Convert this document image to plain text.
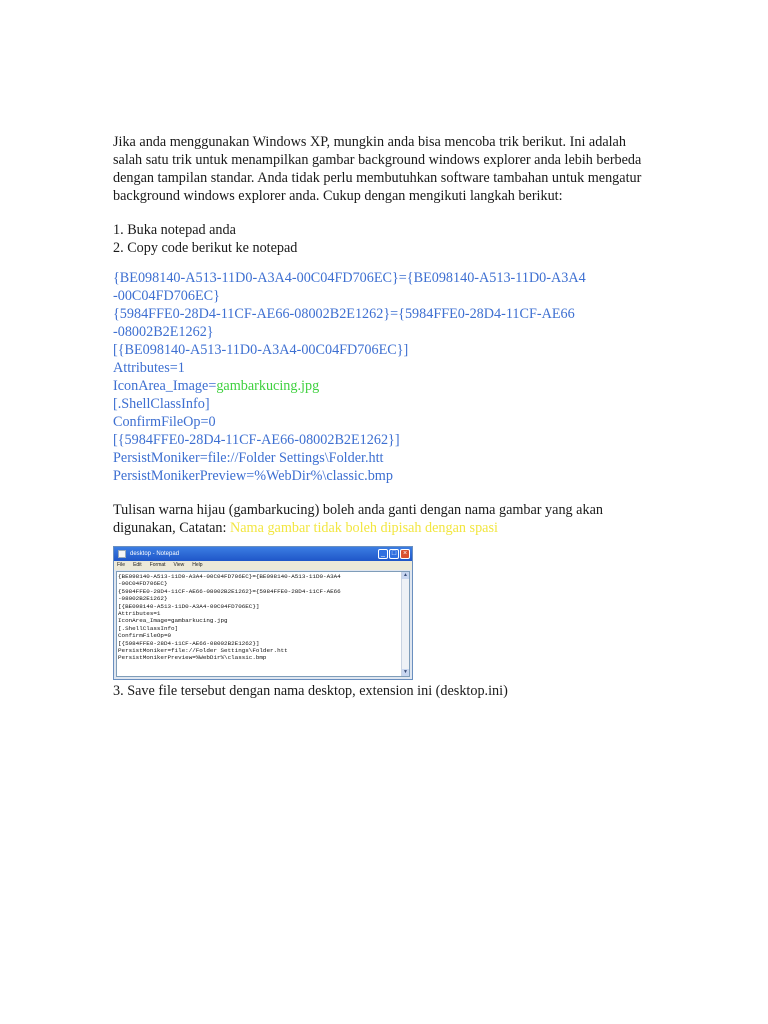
Jika anda menggunakan Windows XP, mungkin anda bisa mencoba trik berikut. Ini adalah salah satu trik untuk menampilkan gambar background windows explorer anda lebih berbeda dengan tampilan standar. Anda tidak perlu membutuhkan software tambahan untuk mengatur background windows explorer anda. Cukup dengan mengikuti langkah berikut:

1. Buka notepad anda
2. Copy code berikut ke notepad
{BE098140-A513-11D0-A3A4-00C04FD706EC}={BE098140-A513-11D0-A3A4
-00C04FD706EC}
{5984FFE0-28D4-11CF-AE66-08002B2E1262}={5984FFE0-28D4-11CF-AE66
-08002B2E1262}
[{BE098140-A513-11D0-A3A4-00C04FD706EC}]
Attributes=1
IconArea_Image=gambarkucing.jpg
[.ShellClassInfo]
ConfirmFileOp=0
[{5984FFE0-28D4-11CF-AE66-08002B2E1262}]
PersistMoniker=file://Folder Settings\Folder.htt
PersistMonikerPreview=%WebDir%\classic.bmp
Tulisan warna hijau (gambarkucing) boleh anda ganti dengan nama gambar yang akan
digunakan, Catatan: Nama gambar tidak boleh dipisah dengan spasi
desktop - Notepad	_ □ ×
File Edit Format View Help
{BE098140-A513-11D0-A3A4-00C04FD706EC}={BE098140-A513-11D0-A3A4
-00C04FD706EC}
{5984FFE0-28D4-11CF-AE66-08002B2E1262}={5984FFE0-28D4-11CF-AE66
-08002B2E1262}
[{BE098140-A513-11D0-A3A4-00C04FD706EC}]
Attributes=1
IconArea_Image=gambarkucing.jpg
[.ShellClassInfo]
ConfirmFileOp=0
[{5984FFE0-28D4-11CF-AE66-08002B2E1262}]
PersistMoniker=file://Folder Settings\Folder.htt
PersistMonikerPreview=%WebDir%\classic.bmp
▲
▼
3. Save file tersebut dengan nama desktop, extension ini (desktop.ini)
